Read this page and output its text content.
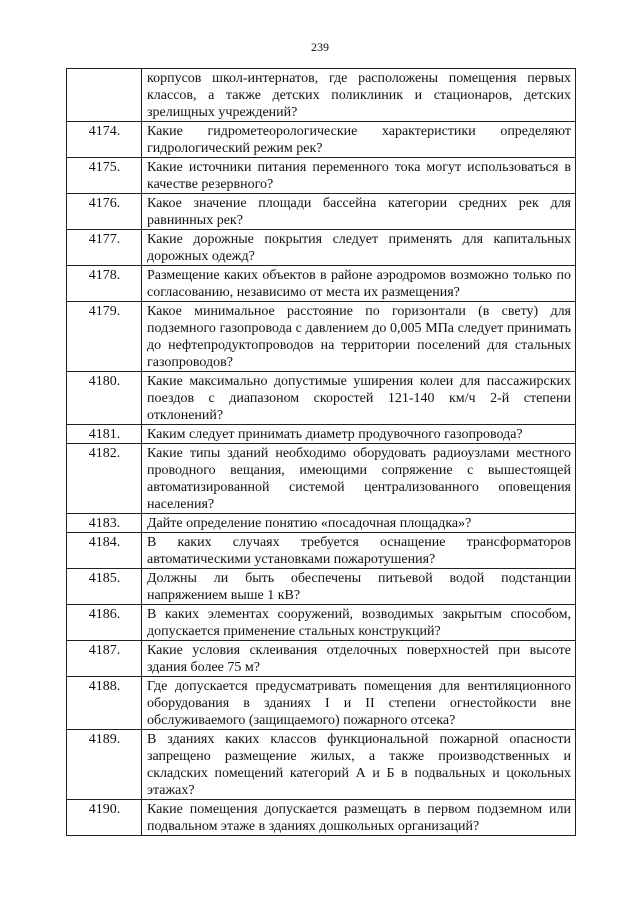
239
	корпусов школ-интернатов, где расположены помещения первых классов, а также детских поликлиник и стационаров, детских зрелищных учреждений?
4174.	Какие гидрометеорологические характеристики определяют гидрологический режим рек?
4175.	Какие источники питания переменного тока могут использоваться в качестве резервного?
4176.	Какое значение площади бассейна категории средних рек для равнинных рек?
4177.	Какие дорожные покрытия следует применять для капитальных дорожных одежд?
4178.	Размещение каких объектов в районе аэродромов возможно только по согласованию, независимо от места их размещения?
4179.	Какое минимальное расстояние по горизонтали (в свету) для подземного газопровода с давлением до 0,005 МПа следует принимать до нефтепродуктопроводов на территории поселений для стальных газопроводов?
4180.	Какие максимально допустимые уширения колеи для пассажирских поездов с диапазоном скоростей 121-140 км/ч 2-й степени отклонений?
4181.	Каким следует принимать диаметр продувочного газопровода?
4182.	Какие типы зданий необходимо оборудовать радиоузлами местного проводного вещания, имеющими сопряжение с вышестоящей автоматизированной системой централизованного оповещения населения?
4183.	Дайте определение понятию «посадочная площадка»?
4184.	В каких случаях требуется оснащение трансформаторов автоматическими установками пожаротушения?
4185.	Должны ли быть обеспечены питьевой водой подстанции напряжением выше 1 кВ?
4186.	В каких элементах сооружений, возводимых закрытым способом, допускается применение стальных конструкций?
4187.	Какие условия склеивания отделочных поверхностей при высоте здания более 75 м?
4188.	Где допускается предусматривать помещения для вентиляционного оборудования в зданиях I и II степени огнестойкости вне обслуживаемого (защищаемого) пожарного отсека?
4189.	В зданиях каких классов функциональной пожарной опасности запрещено размещение жилых, а также производственных и складских помещений категорий А и Б в подвальных и цокольных этажах?
4190.	Какие помещения допускается размещать в первом подземном или подвальном этаже в зданиях дошкольных организаций?
